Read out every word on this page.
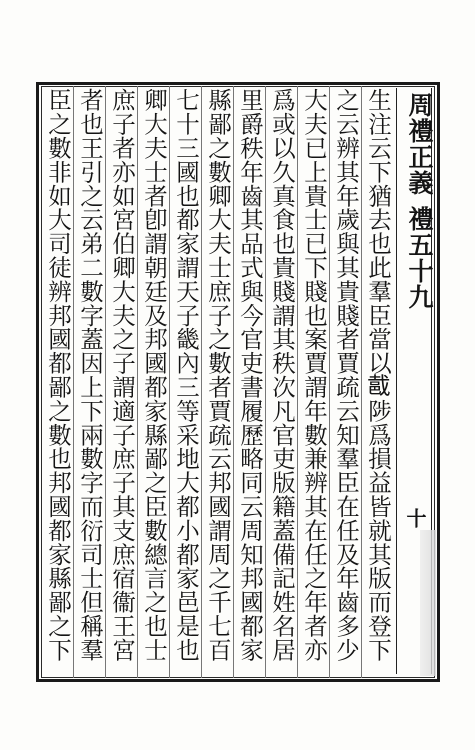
周禮正義
禮五十九
十
生注云下猶去也此羣臣當以𨚵陟爲損益皆就其版而登下
之云辨其年歲與其貴賤者賈疏云知羣臣在任及年齒多少
大夫已上貴士已下賤也案賈謂年數兼辨其在任之年者亦
爲或以久真食也貴賤謂其秩次凡官吏版籍蓋備記姓名居
里爵秩年齒其品式與今官吏書履歷略同云周知邦國都家
縣鄙之數卿大夫士庶子之數者賈疏云邦國謂周之千七百
七十三國也都家謂天子畿內三等采地大都小都家邑是也
卿大夫士者卽謂朝廷及邦國都家縣鄙之臣數總言之也士
庶子者亦如宮伯卿大夫之子謂適子庶子其支庶宿衞王宮
者也王引之云弟二數字蓋因上下兩數字而衍司士但稱羣
臣之數非如大司徒辨邦國都鄙之數也邦國都家縣鄙之下
